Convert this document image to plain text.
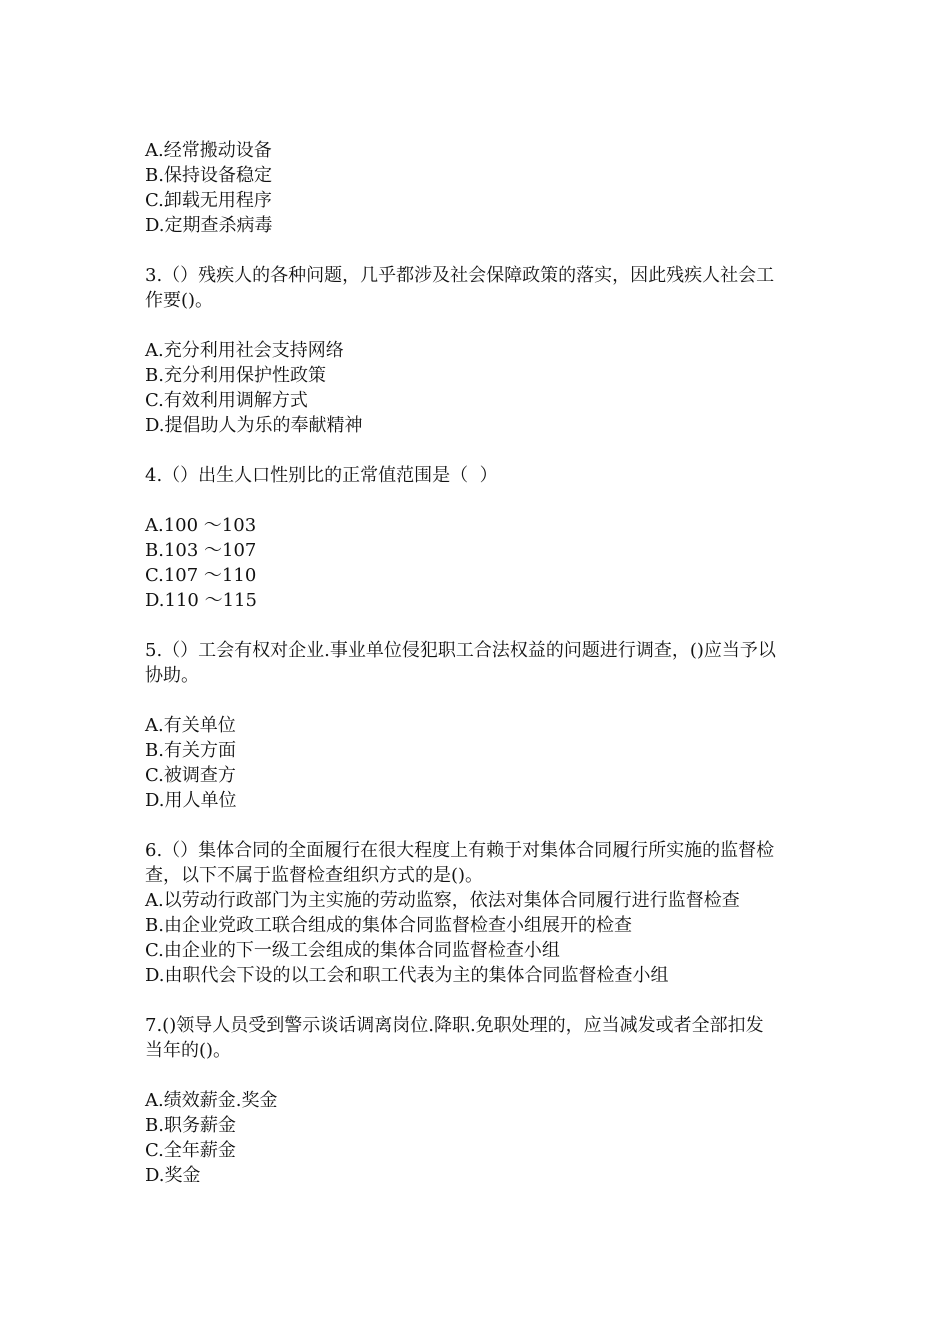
A.经常搬动设备
B.保持设备稳定
C.卸载无用程序
D.定期查杀病毒
3.（）残疾人的各种问题，几乎都涉及社会保障政策的落实，因此残疾人社会工
作要()。
A.充分利用社会支持网络
B.充分利用保护性政策
C.有效利用调解方式
D.提倡助人为乐的奉献精神
4.（）出生人口性别比的正常值范围是（  ）
A.100 ～103
B.103 ～107
C.107 ～110
D.110 ～115
5.（）工会有权对企业.事业单位侵犯职工合法权益的问题进行调查，()应当予以
协助。
A.有关单位
B.有关方面
C.被调查方
D.用人单位
6.（）集体合同的全面履行在很大程度上有赖于对集体合同履行所实施的监督检
查，以下不属于监督检查组织方式的是()。
A.以劳动行政部门为主实施的劳动监察，依法对集体合同履行进行监督检查
B.由企业党政工联合组成的集体合同监督检查小组展开的检查
C.由企业的下一级工会组成的集体合同监督检查小组
D.由职代会下设的以工会和职工代表为主的集体合同监督检查小组
7.()领导人员受到警示谈话调离岗位.降职.免职处理的，应当减发或者全部扣发
当年的()。
A.绩效薪金.奖金
B.职务薪金
C.全年薪金
D.奖金
